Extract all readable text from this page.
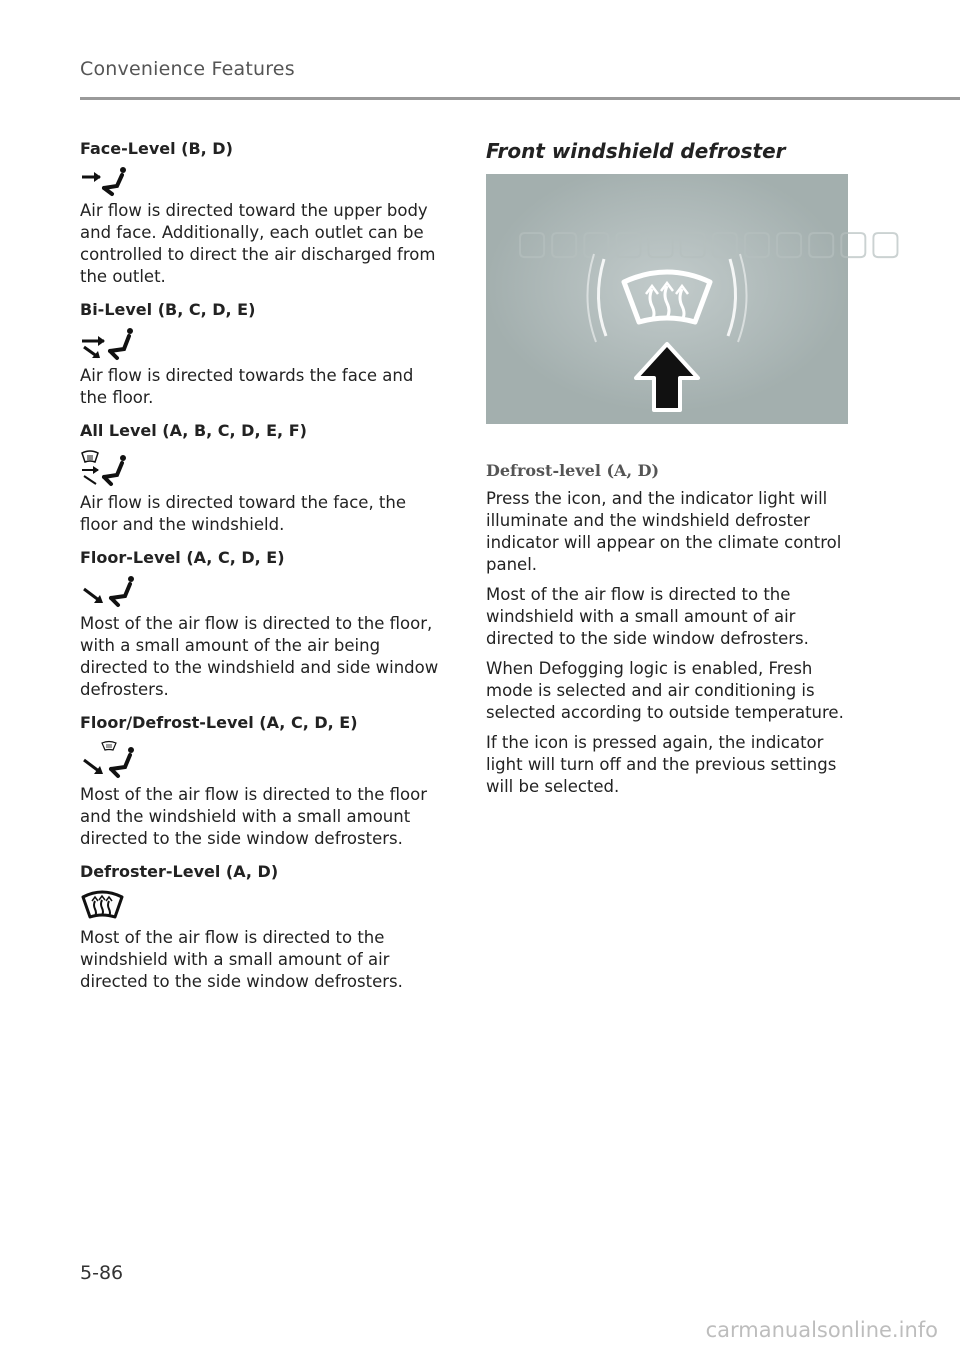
Convenience Features

Face-Level (B, D)

Air flow is directed toward the upper body and face. Additionally, each outlet can be controlled to direct the air discharged from the outlet.

Bi-Level (B, C, D, E)

Air flow is directed towards the face and the floor.

All Level (A, B, C, D, E, F)

Air flow is directed toward the face, the floor and the windshield.

Floor-Level (A, C, D, E)

Most of the air flow is directed to the floor, with a small amount of the air being directed to the windshield and side window defrosters.

Floor/Defrost-Level (A, C, D, E)

Most of the air flow is directed to the floor and the windshield with a small amount directed to the side window defrosters.

Defroster-Level (A, D)

Most of the air flow is directed to the windshield with a small amount of air directed to the side window defrosters.

Front windshield defroster

▢▢▢▢▢▢▢▢▢▢▢▢

Defrost-level (A, D)

Press the icon, and the indicator light will illuminate and the windshield defroster indicator will appear on the climate control panel.

Most of the air flow is directed to the windshield with a small amount of air directed to the side window defrosters.

When Defogging logic is enabled, Fresh mode is selected and air conditioning is selected according to outside temperature.

If the icon is pressed again, the indicator light will turn off and the previous settings will be selected.

5-86
carmanualsonline.info
